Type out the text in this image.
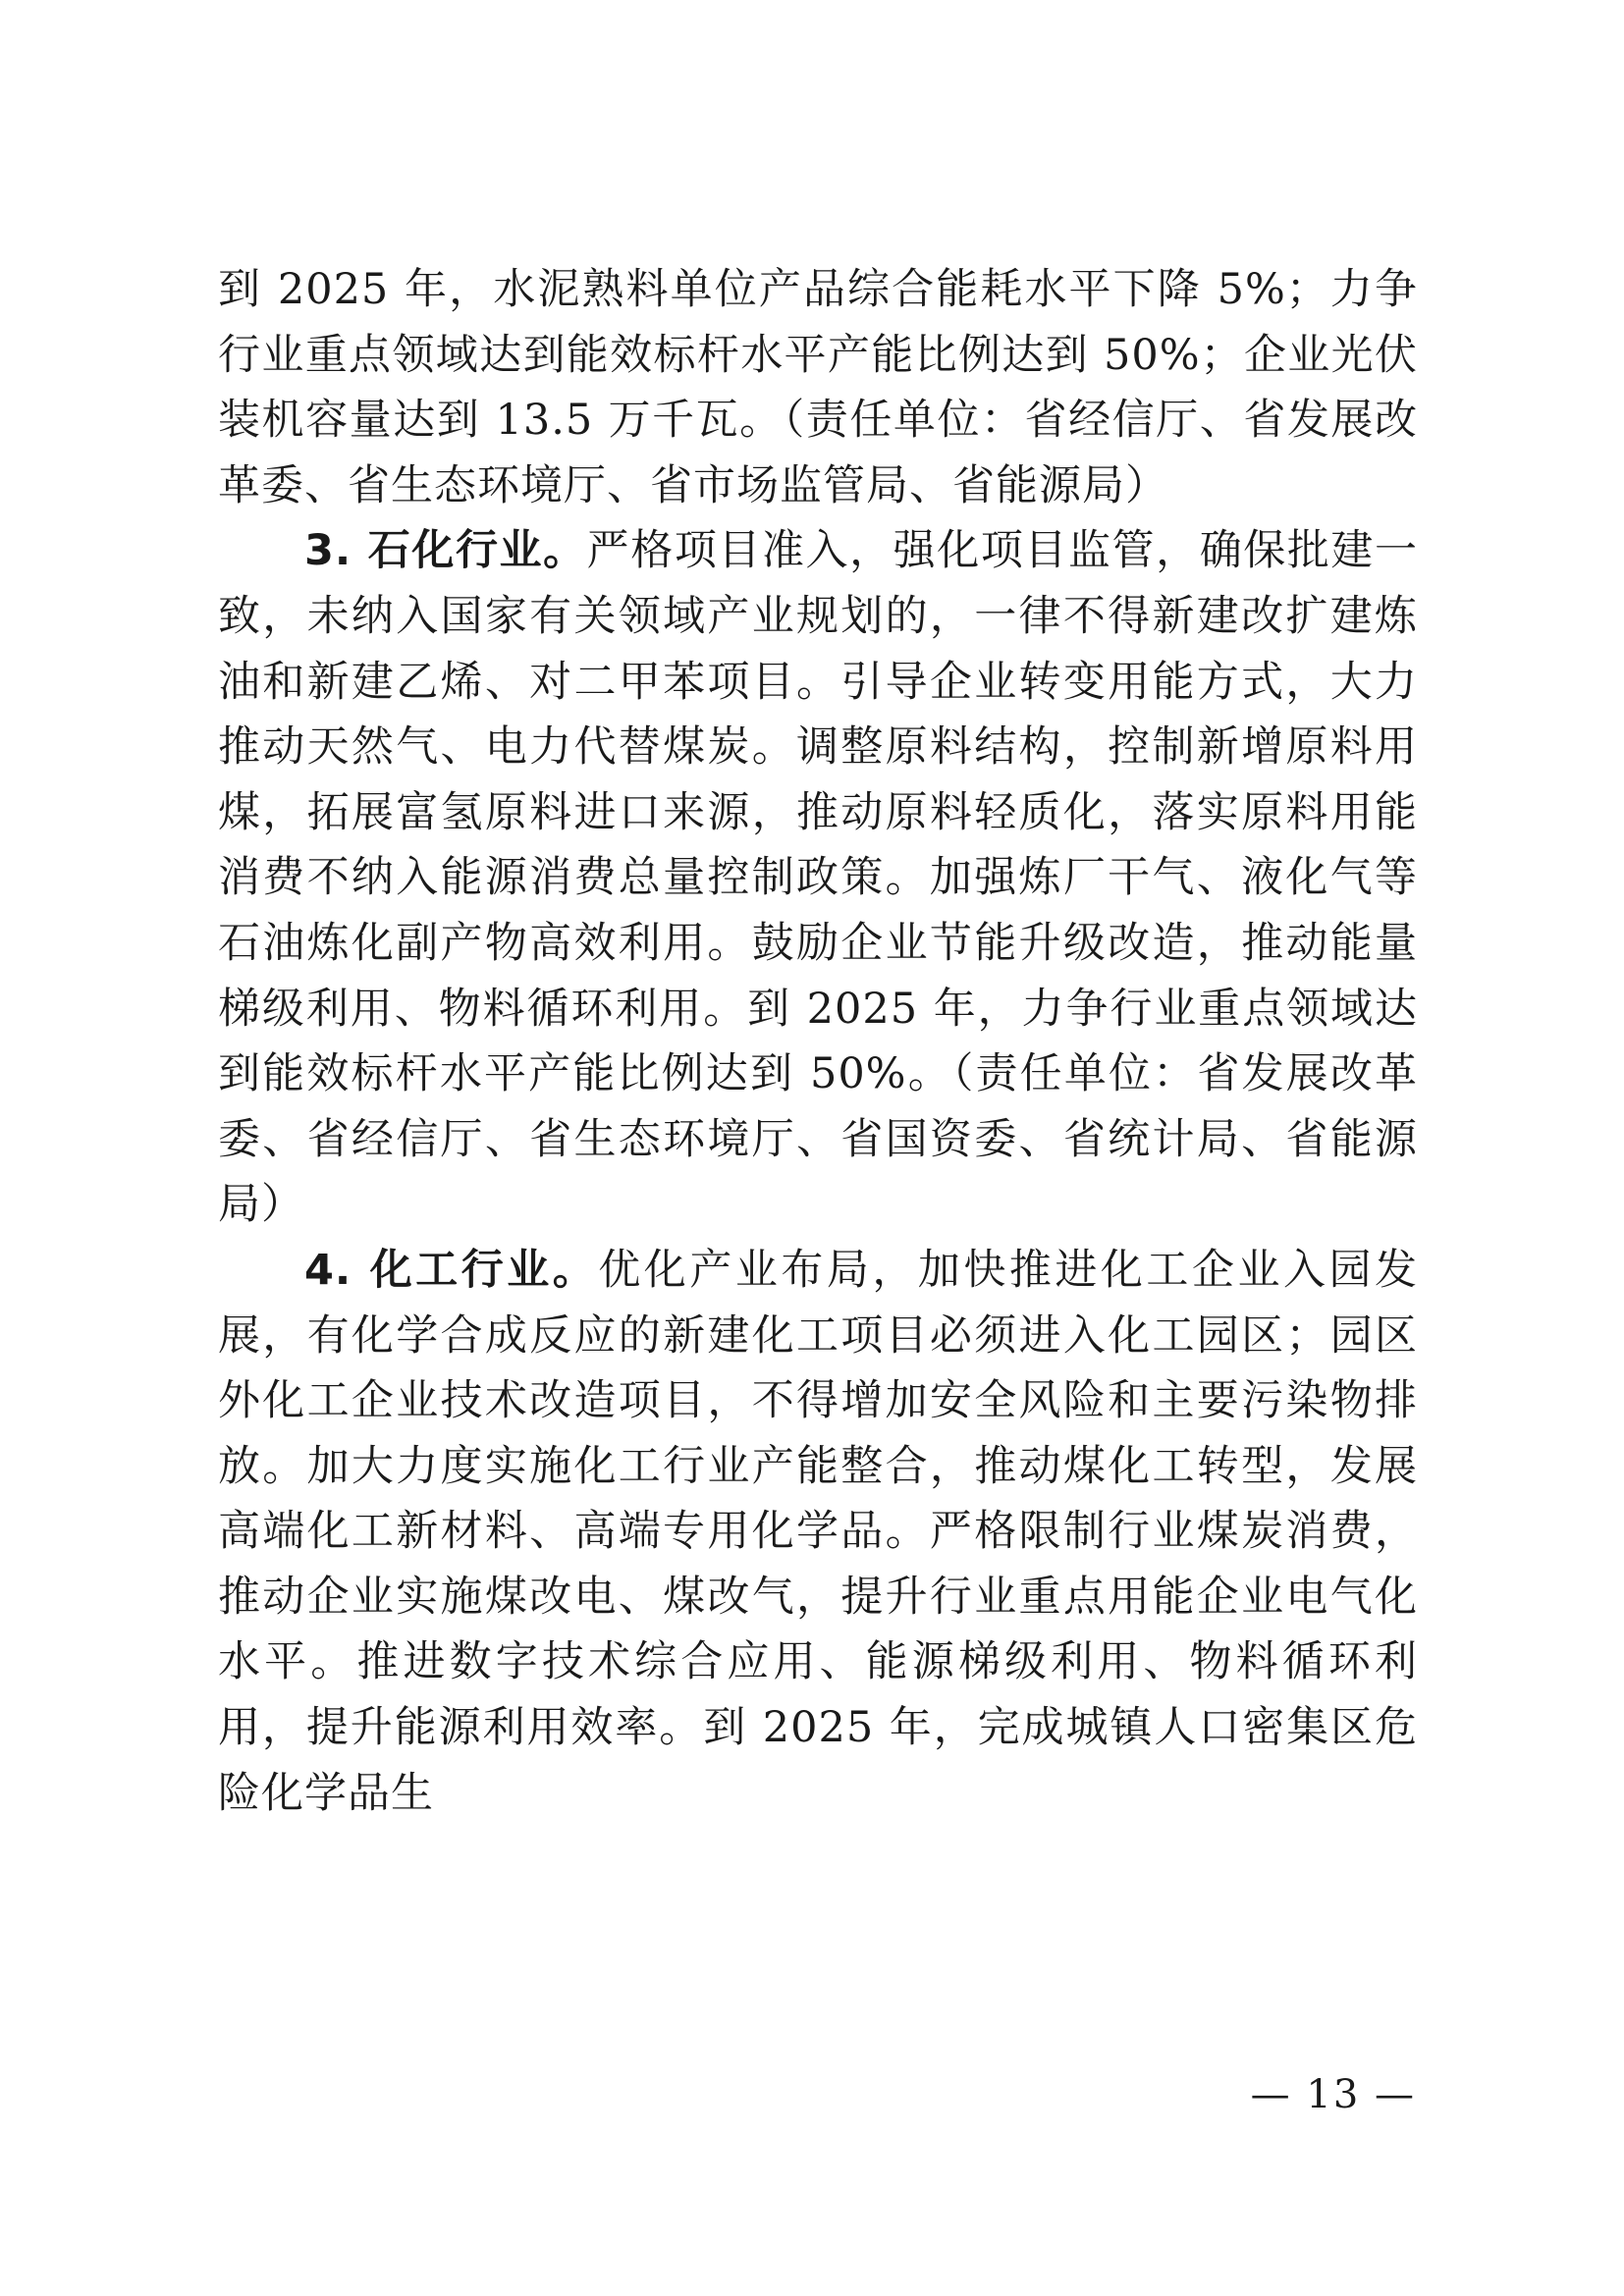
到 2025 年，水泥熟料单位产品综合能耗水平下降 5%；力争行业重点领域达到能效标杆水平产能比例达到 50%；企业光伏装机容量达到 13.5 万千瓦。（责任单位：省经信厅、省发展改革委、省生态环境厅、省市场监管局、省能源局）

3. 石化行业。严格项目准入，强化项目监管，确保批建一致，未纳入国家有关领域产业规划的，一律不得新建改扩建炼油和新建乙烯、对二甲苯项目。引导企业转变用能方式，大力推动天然气、电力代替煤炭。调整原料结构，控制新增原料用煤，拓展富氢原料进口来源，推动原料轻质化，落实原料用能消费不纳入能源消费总量控制政策。加强炼厂干气、液化气等石油炼化副产物高效利用。鼓励企业节能升级改造，推动能量梯级利用、物料循环利用。到 2025 年，力争行业重点领域达到能效标杆水平产能比例达到 50%。（责任单位：省发展改革委、省经信厅、省生态环境厅、省国资委、省统计局、省能源局）

4. 化工行业。优化产业布局，加快推进化工企业入园发展，有化学合成反应的新建化工项目必须进入化工园区；园区外化工企业技术改造项目，不得增加安全风险和主要污染物排放。加大力度实施化工行业产能整合，推动煤化工转型，发展高端化工新材料、高端专用化学品。严格限制行业煤炭消费，推动企业实施煤改电、煤改气，提升行业重点用能企业电气化水平。推进数字技术综合应用、能源梯级利用、物料循环利用，提升能源利用效率。到 2025 年，完成城镇人口密集区危险化学品生

— 13 —
